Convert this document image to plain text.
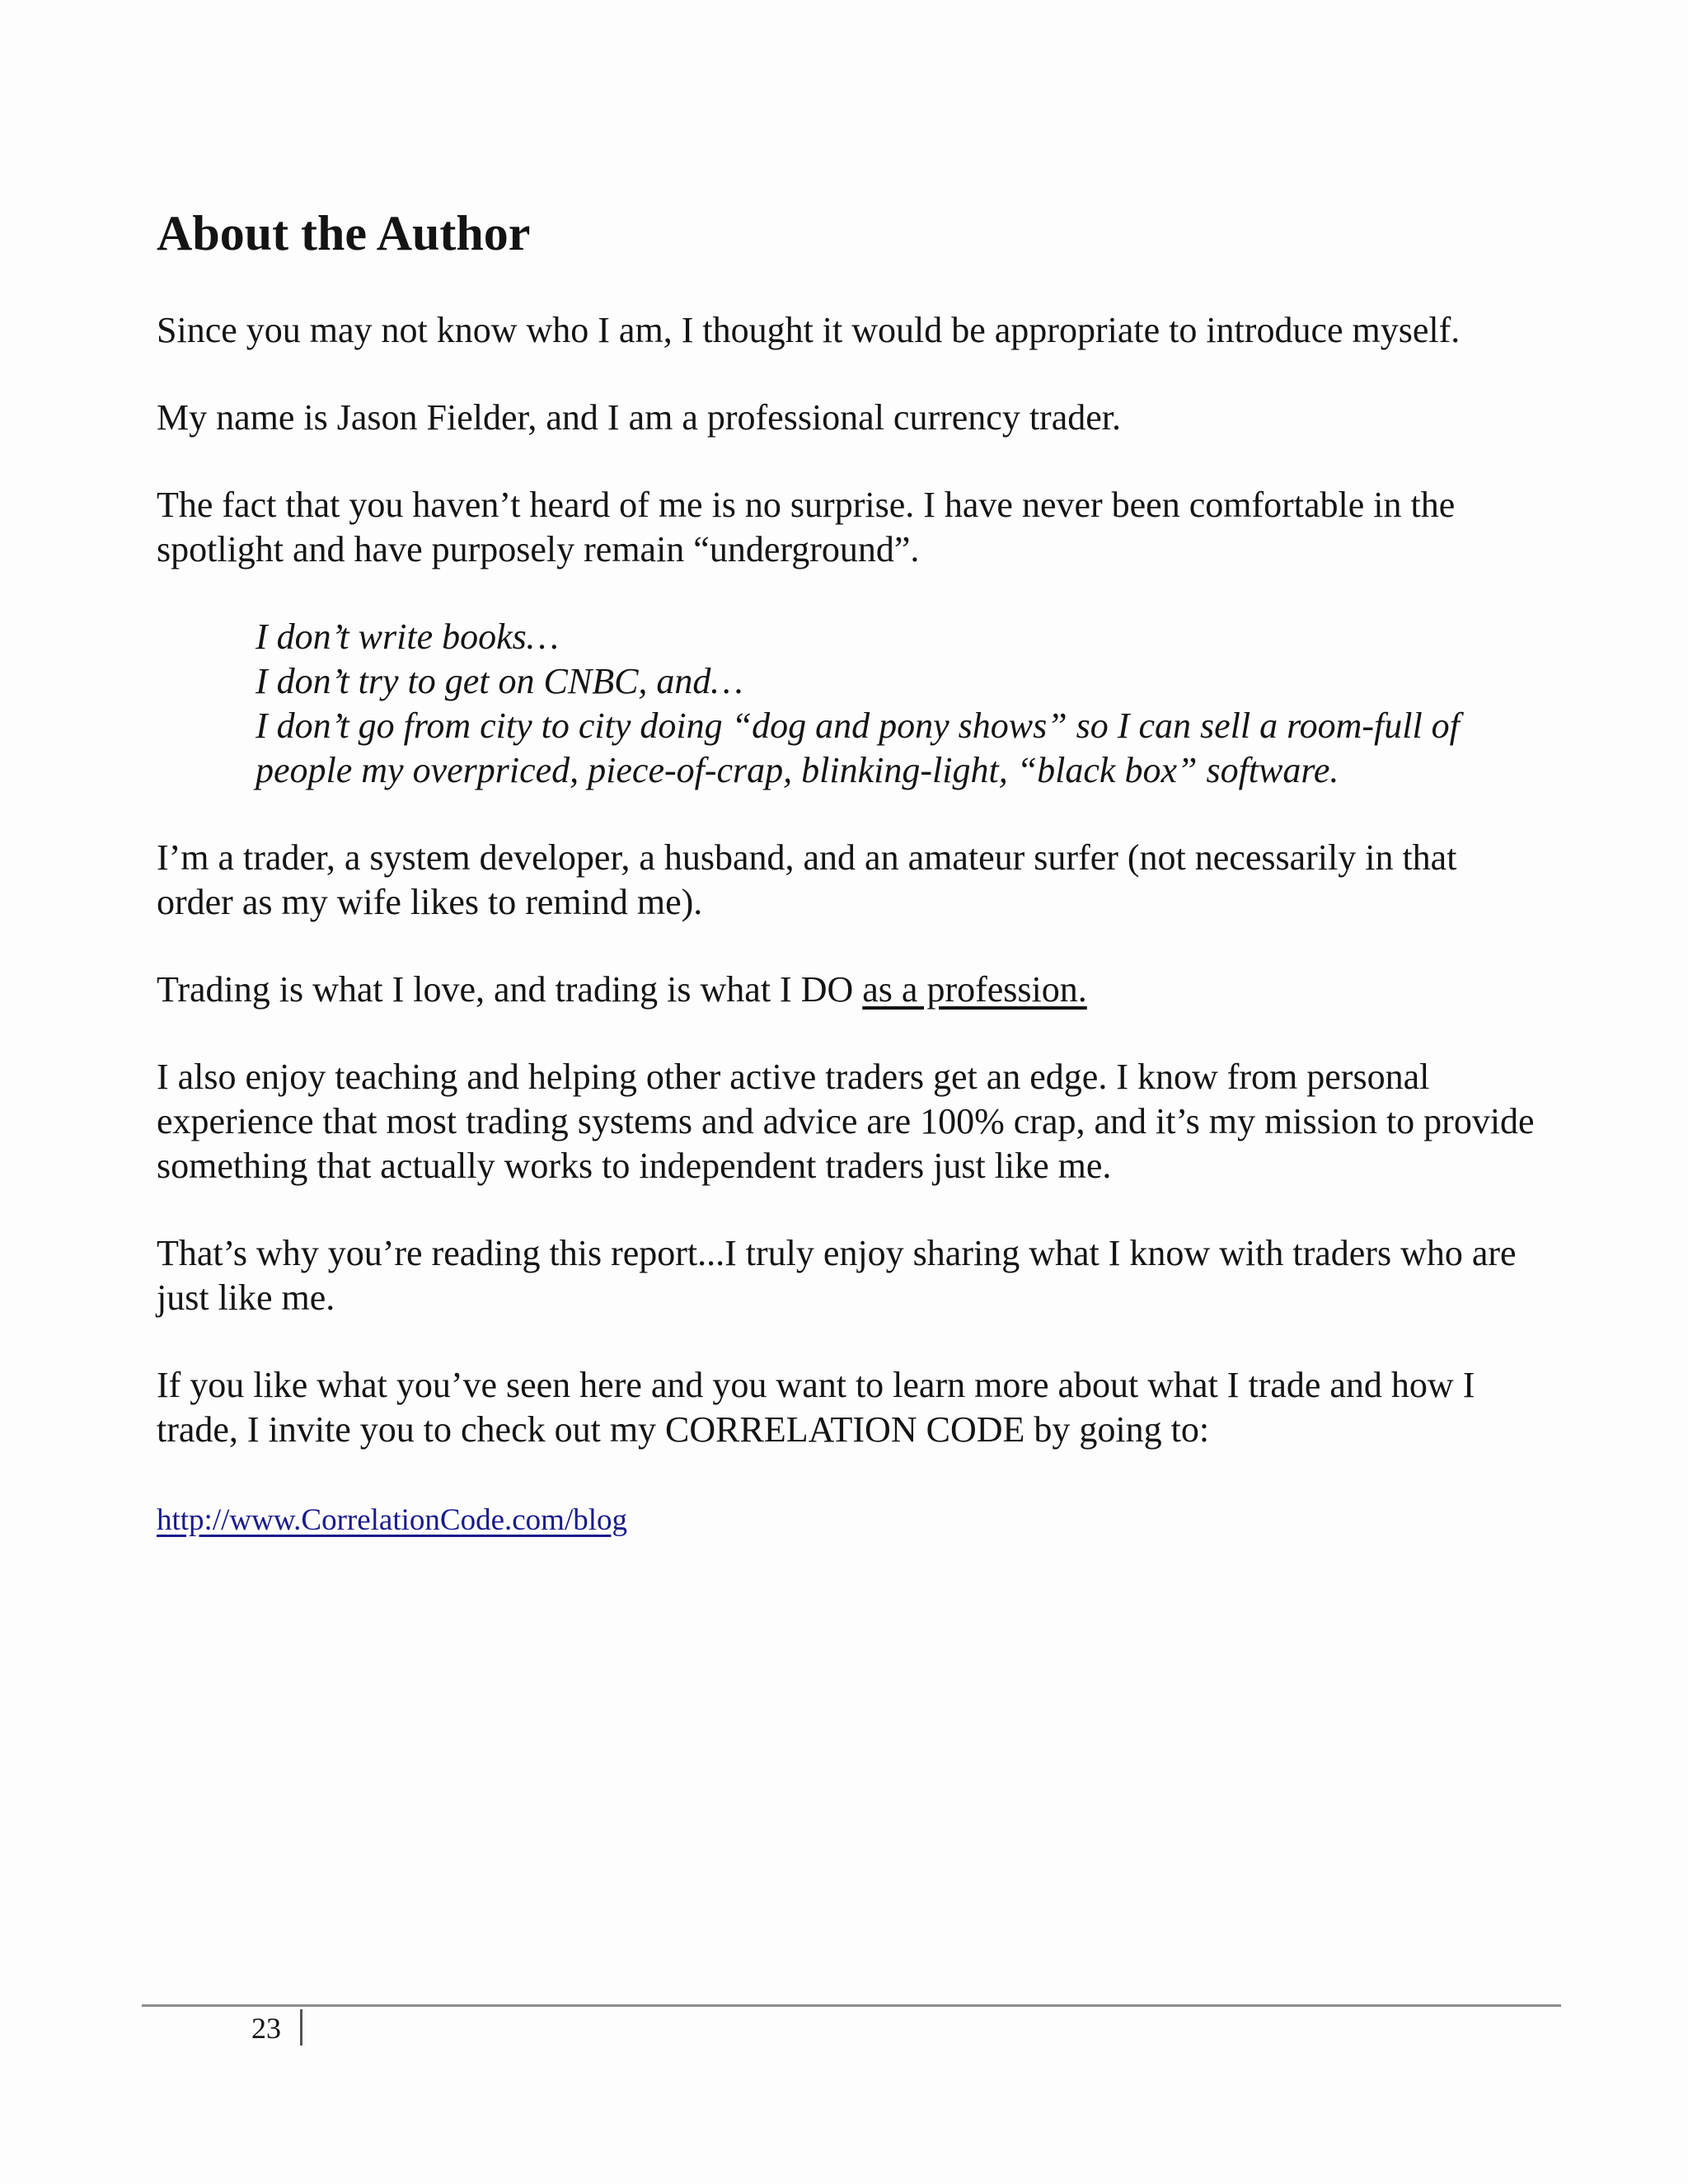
About the Author

Since you may not know who I am, I thought it would be appropriate to introduce myself.

My name is Jason Fielder, and I am a professional currency trader.

The fact that you haven’t heard of me is no surprise. I have never been comfortable in the spotlight and have purposely remain “underground”.

I don’t write books…
I don’t try to get on CNBC, and…
I don’t go from city to city doing “dog and pony shows” so I can sell a room-full of people my overpriced, piece-of-crap, blinking-light, “black box” software.

I’m a trader, a system developer, a husband, and an amateur surfer (not necessarily in that order as my wife likes to remind me).

Trading is what I love, and trading is what I DO as a profession.

I also enjoy teaching and helping other active traders get an edge. I know from personal experience that most trading systems and advice are 100% crap, and it’s my mission to provide something that actually works to independent traders just like me.

That’s why you’re reading this report...I truly enjoy sharing what I know with traders who are just like me.

If you like what you’ve seen here and you want to learn more about what I trade and how I trade, I invite you to check out my CORRELATION CODE by going to:

http://www.CorrelationCode.com/blog
23
